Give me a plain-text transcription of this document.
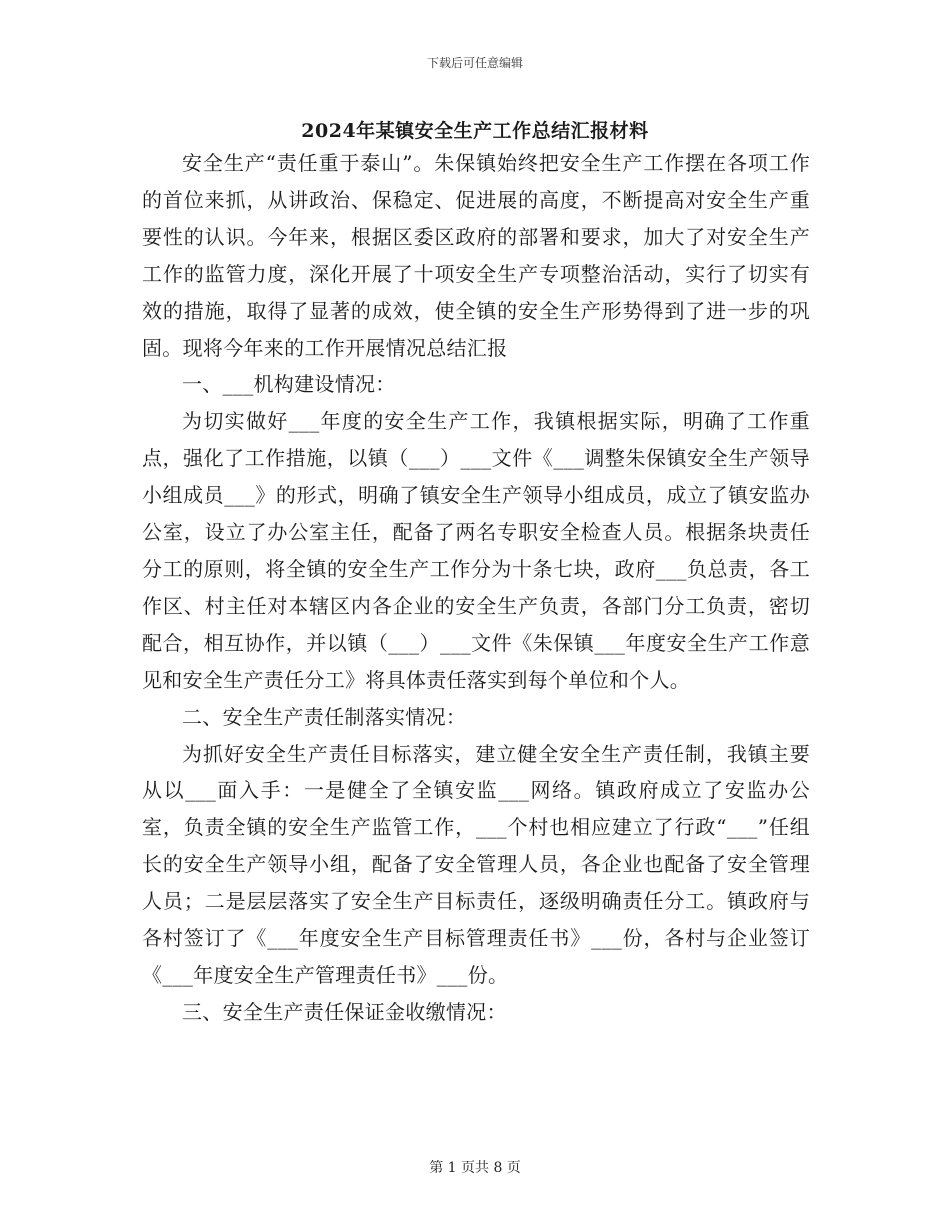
下载后可任意编辑
2024年某镇安全生产工作总结汇报材料

安全生产“责任重于泰山”。朱保镇始终把安全生产工作摆在各项工作的首位来抓，从讲政治、保稳定、促进展的高度，不断提高对安全生产重要性的认识。今年来，根据区委区政府的部署和要求，加大了对安全生产工作的监管力度，深化开展了十项安全生产专项整治活动，实行了切实有效的措施，取得了显著的成效，使全镇的安全生产形势得到了进一步的巩固。现将今年来的工作开展情况总结汇报

一、___机构建设情况：

为切实做好___年度的安全生产工作，我镇根据实际，明确了工作重点，强化了工作措施，以镇（___）___文件《___调整朱保镇安全生产领导小组成员___》的形式，明确了镇安全生产领导小组成员，成立了镇安监办公室，设立了办公室主任，配备了两名专职安全检查人员。根据条块责任分工的原则，将全镇的安全生产工作分为十条七块，政府___负总责，各工作区、村主任对本辖区内各企业的安全生产负责，各部门分工负责，密切配合，相互协作，并以镇（___）___文件《朱保镇___年度安全生产工作意见和安全生产责任分工》将具体责任落实到每个单位和个人。

二、安全生产责任制落实情况：

为抓好安全生产责任目标落实，建立健全安全生产责任制，我镇主要从以___面入手：一是健全了全镇安监___网络。镇政府成立了安监办公室，负责全镇的安全生产监管工作，___个村也相应建立了行政“___”任组长的安全生产领导小组，配备了安全管理人员，各企业也配备了安全管理人员；二是层层落实了安全生产目标责任，逐级明确责任分工。镇政府与各村签订了《___年度安全生产目标管理责任书》___份，各村与企业签订《___年度安全生产管理责任书》___份。

三、安全生产责任保证金收缴情况：

第 1 页共 8 页
